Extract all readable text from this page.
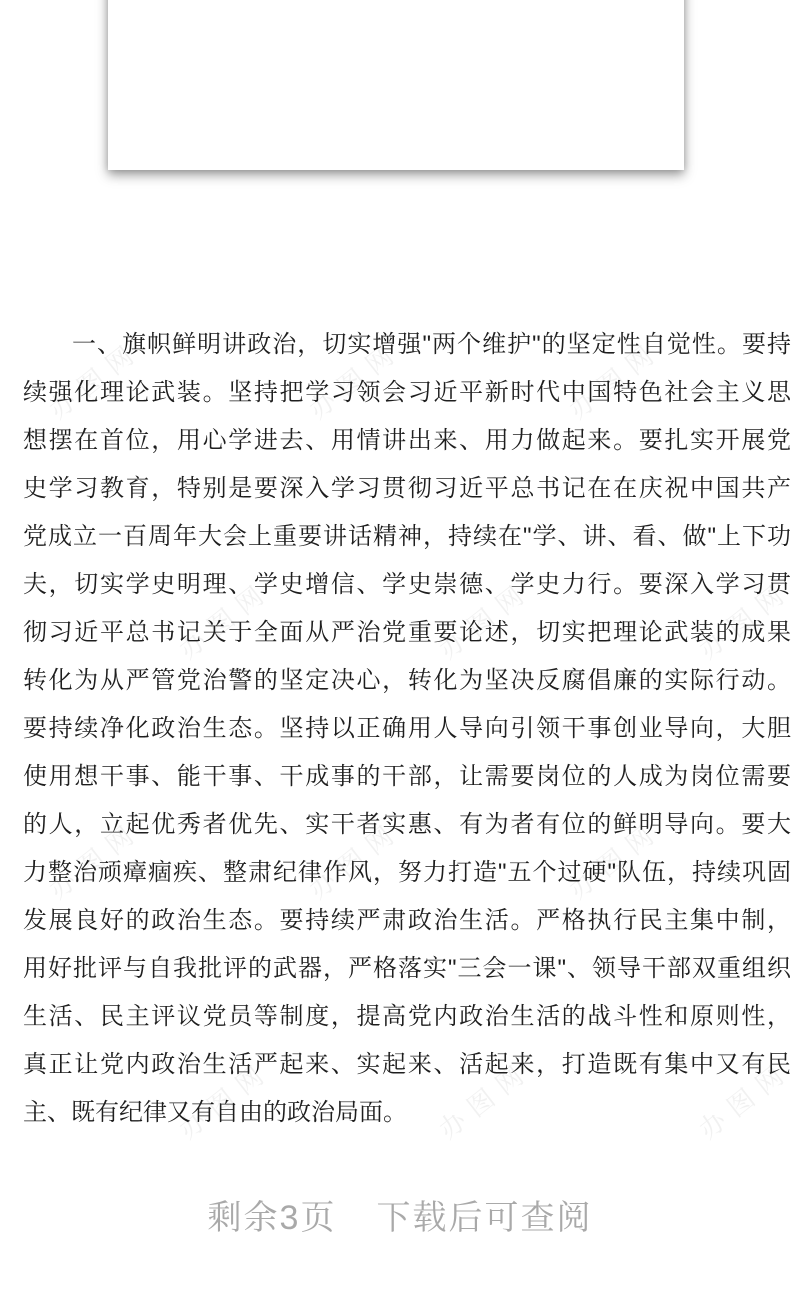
办图网	办图网	办图网
办图网	办图网	办图网
办图网	办图网	办图网
办图网	办图网	办图网
一、旗帜鲜明讲政治，切实增强"两个维护"的坚定性自觉性。要持
续强化理论武装。坚持把学习领会习近平新时代中国特色社会主义思
想摆在首位，用心学进去、用情讲出来、用力做起来。要扎实开展党
史学习教育，特别是要深入学习贯彻习近平总书记在在庆祝中国共产
党成立一百周年大会上重要讲话精神，持续在"学、讲、看、做"上下功
夫，切实学史明理、学史增信、学史崇德、学史力行。要深入学习贯
彻习近平总书记关于全面从严治党重要论述，切实把理论武装的成果
转化为从严管党治警的坚定决心，转化为坚决反腐倡廉的实际行动。
要持续净化政治生态。坚持以正确用人导向引领干事创业导向，大胆
使用想干事、能干事、干成事的干部，让需要岗位的人成为岗位需要
的人，立起优秀者优先、实干者实惠、有为者有位的鲜明导向。要大
力整治顽瘴痼疾、整肃纪律作风，努力打造"五个过硬"队伍，持续巩固
发展良好的政治生态。要持续严肃政治生活。严格执行民主集中制，
用好批评与自我批评的武器，严格落实"三会一课"、领导干部双重组织
生活、民主评议党员等制度，提高党内政治生活的战斗性和原则性，
真正让党内政治生活严起来、实起来、活起来，打造既有集中又有民
主、既有纪律又有自由的政治局面。
剩余3页 下载后可查阅
